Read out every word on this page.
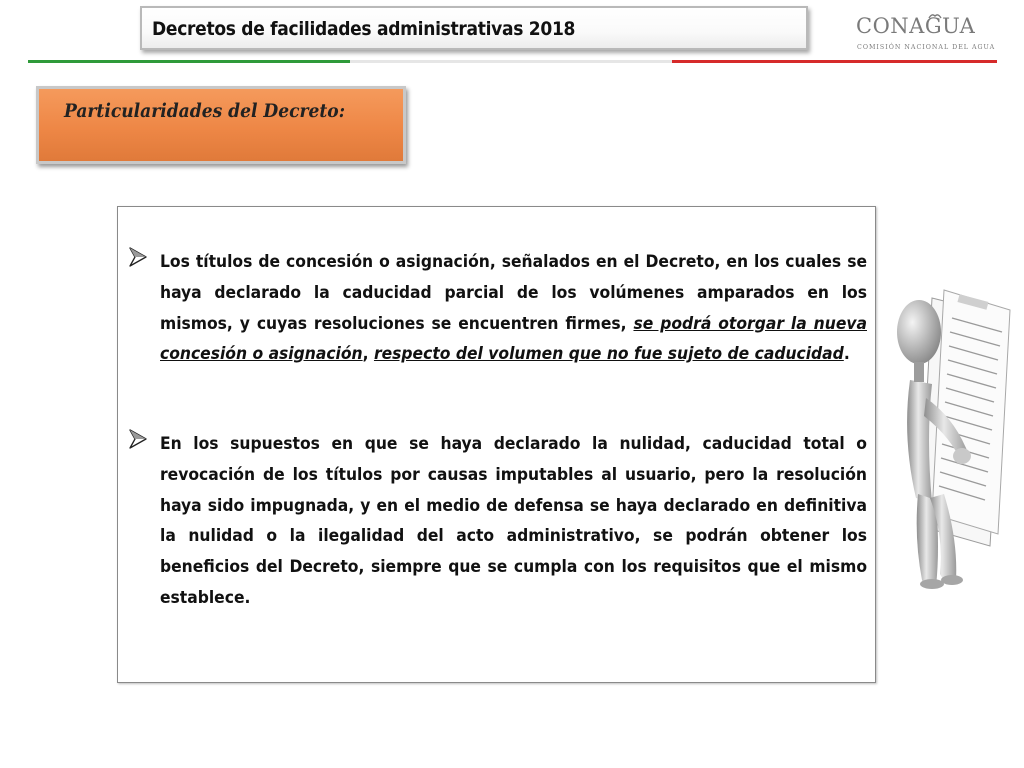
Decretos de facilidades administrativas 2018	CONAGUA
COMISIÓN NACIONAL DEL AGUA
Particularidades del Decreto:

Los títulos de concesión o asignación, señalados en el Decreto, en los cuales se haya declarado la caducidad parcial de los volúmenes amparados en los mismos, y cuyas resoluciones se encuentren firmes, se podrá otorgar la nueva concesión o asignación, respecto del volumen que no fue sujeto de caducidad.

En los supuestos en que se haya declarado la nulidad, caducidad total o revocación de los títulos por causas imputables al usuario, pero la resolución haya sido impugnada, y en el medio de defensa se haya declarado en definitiva la nulidad o la ilegalidad del acto administrativo, se podrán obtener los beneficios del Decreto, siempre que se cumpla con los requisitos que el mismo establece.
